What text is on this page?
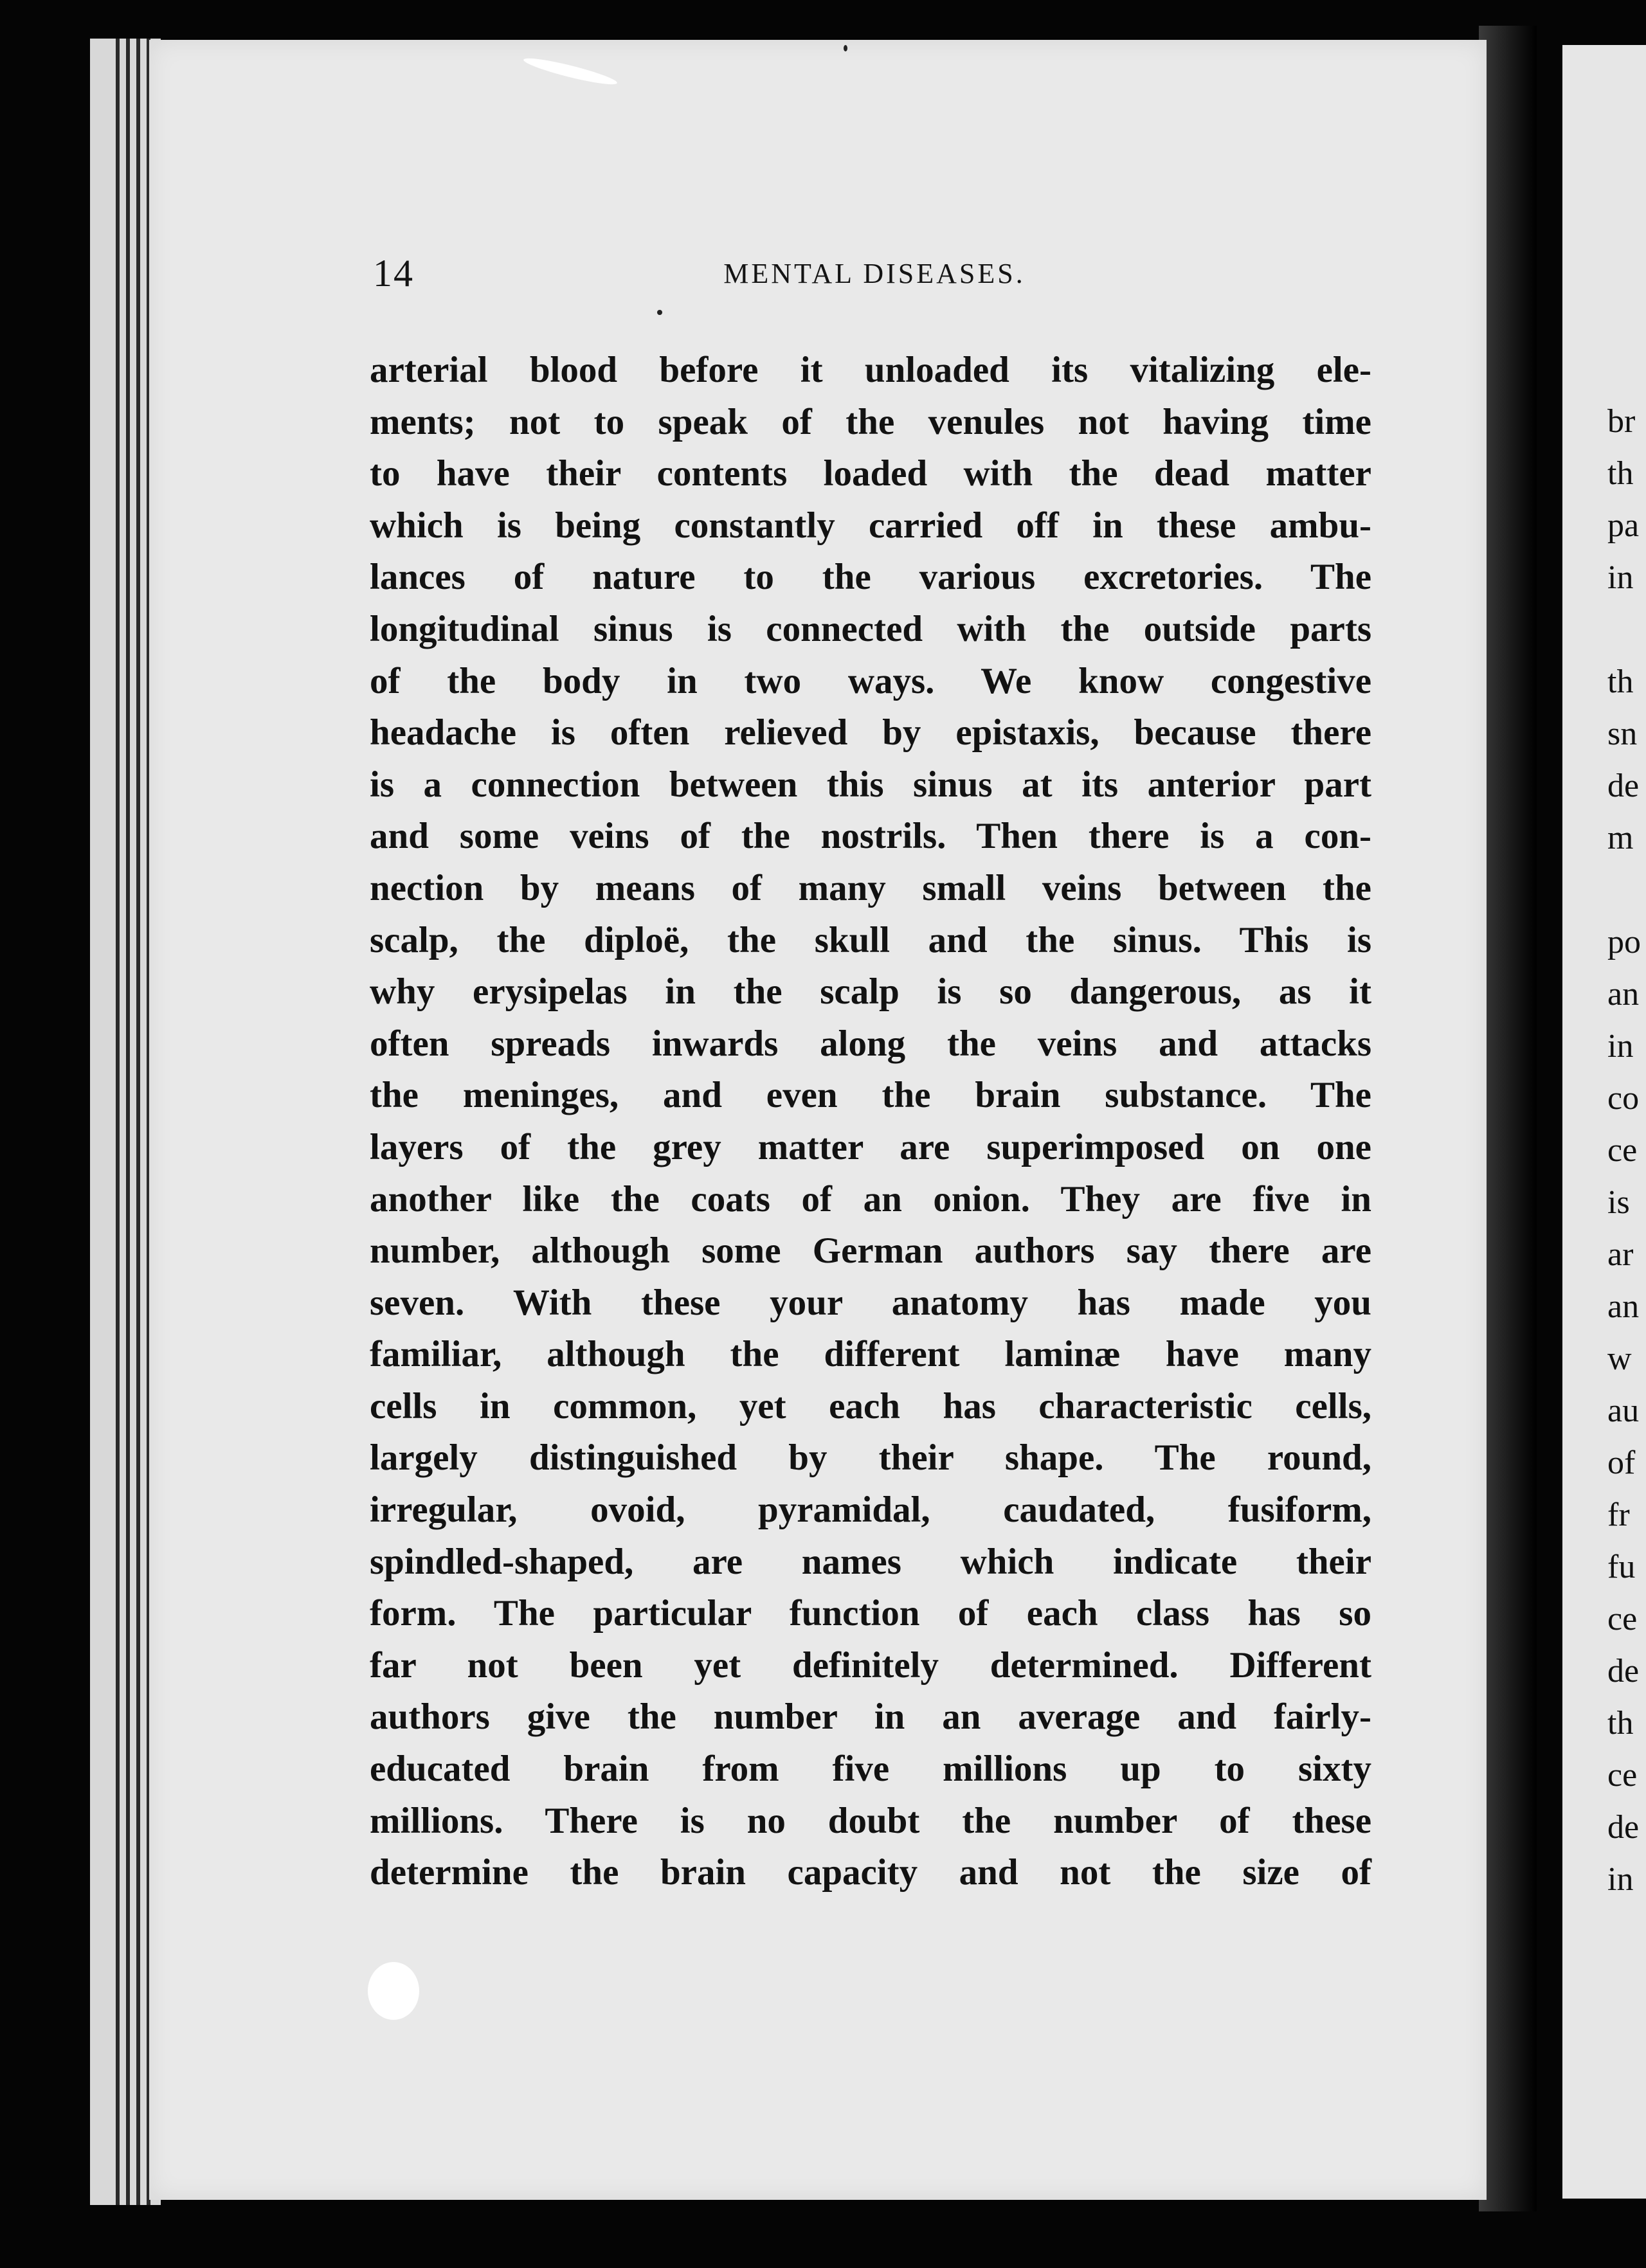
br
th
pa
in
th
sn
de
m
po
an
in
co
ce
is
ar
an
w
au
of
fr
fu
ce
de
th
ce
de
in
14	MENTAL DISEASES.
arterial blood before it unloaded its vitalizing ele-
ments; not to speak of the venules not having time
to have their contents loaded with the dead matter
which is being constantly carried off in these ambu-
lances of nature to the various excretories. The
longitudinal sinus is connected with the outside parts
of the body in two ways. We know congestive
headache is often relieved by epistaxis, because there
is a connection between this sinus at its anterior part
and some veins of the nostrils. Then there is a con-
nection by means of many small veins between the
scalp, the diploë, the skull and the sinus. This is
why erysipelas in the scalp is so dangerous, as it
often spreads inwards along the veins and attacks
the meninges, and even the brain substance. The
layers of the grey matter are superimposed on one
another like the coats of an onion. They are five in
number, although some German authors say there are
seven. With these your anatomy has made you
familiar, although the different laminæ have many
cells in common, yet each has characteristic cells,
largely distinguished by their shape. The round,
irregular, ovoid, pyramidal, caudated, fusiform,
spindled-shaped, are names which indicate their
form. The particular function of each class has so
far not been yet definitely determined. Different
authors give the number in an average and fairly-
educated brain from five millions up to sixty
millions. There is no doubt the number of these
determine the brain capacity and not the size of
